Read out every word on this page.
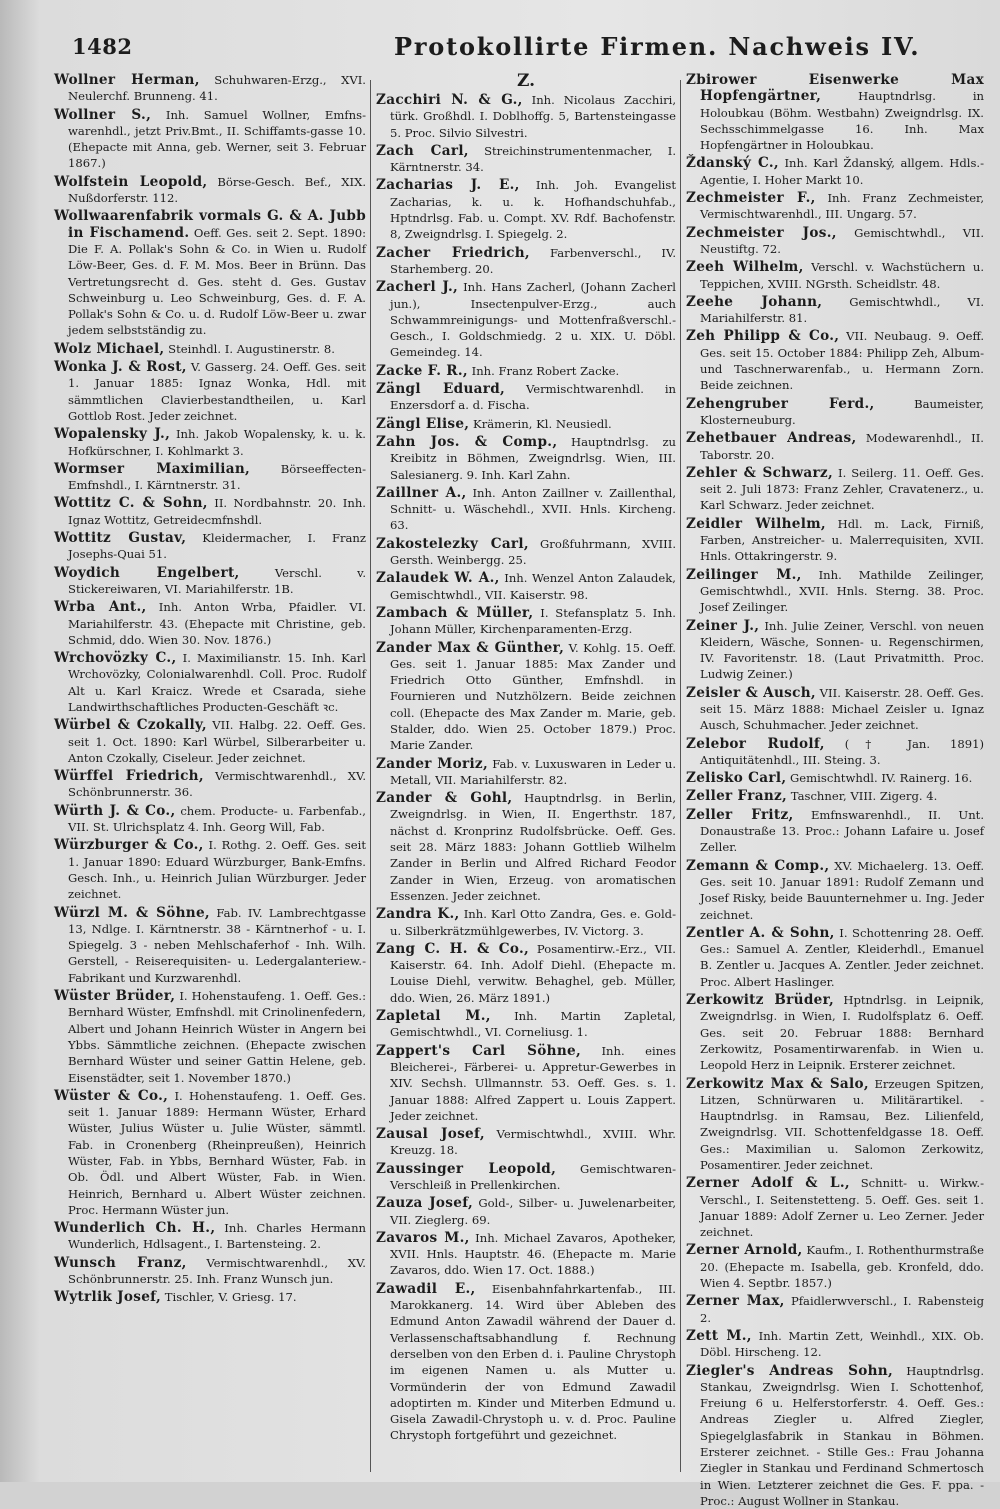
1482	Protokollirte Firmen. Nachweis IV.
Wollner Herman, Schuhwaren-Erzg., XVI. Neulerchf. Brunneng. 41.
Wollner S., Inh. Samuel Wollner, Emfns-warenhdl., jetzt Priv.Bmt., II. Schiffamts-gasse 10. (Ehepacte mit Anna, geb. Werner, seit 3. Februar 1867.)
Wolfstein Leopold, Börse-Gesch. Bef., XIX. Nußdorferstr. 112.
Wollwaarenfabrik vormals G. & A. Jubb in Fischamend. Oeff. Ges. seit 2. Sept. 1890: Die F. A. Pollak's Sohn & Co. in Wien u. Rudolf Löw-Beer, Ges. d. F. M. Mos. Beer in Brünn. Das Vertretungsrecht d. Ges. steht d. Ges. Gustav Schweinburg u. Leo Schweinburg, Ges. d. F. A. Pollak's Sohn & Co. u. d. Rudolf Löw-Beer u. zwar jedem selbstständig zu.
Wolz Michael, Steinhdl. I. Augustinerstr. 8.
Wonka J. & Rost, V. Gasserg. 24. Oeff. Ges. seit 1. Januar 1885: Ignaz Wonka, Hdl. mit sämmtlichen Clavierbestandtheilen, u. Karl Gottlob Rost. Jeder zeichnet.
Wopalensky J., Inh. Jakob Wopalensky, k. u. k. Hofkürschner, I. Kohlmarkt 3.
Wormser Maximilian,	Börseeffecten-Emfnshdl., I. Kärntnerstr. 31.
Wottitz C. & Sohn, II. Nordbahnstr. 20. Inh. Ignaz Wottitz, Getreidecmfnshdl.
Wottitz Gustav, Kleidermacher, I. Franz Josephs-Quai 51.
Woydich Engelbert,	Verschl. v. Stickereiwaren, VI. Mariahilferstr. 1B.
Wrba Ant., Inh. Anton Wrba, Pfaidler. VI. Mariahilferstr. 43. (Ehepacte mit Christine, geb. Schmid, ddo. Wien 30. Nov. 1876.)
Wrchovözky C., I. Maximilianstr. 15. Inh. Karl Wrchovözky, Colonialwarenhdl. Coll. Proc. Rudolf Alt u. Karl Kraicz. Wrede et Csarada, siehe Landwirthschaftliches Producten-Geschäft ꝛc.
Würbel & Czokally, VII. Halbg. 22. Oeff. Ges. seit 1. Oct. 1890: Karl Würbel, Silberarbeiter u. Anton Czokally, Ciseleur. Jeder zeichnet.
Würffel Friedrich, Vermischtwarenhdl., XV. Schönbrunnerstr. 36.
Würth J. & Co., chem. Producte- u. Farbenfab., VII. St. Ulrichsplatz 4. Inh. Georg Will, Fab.
Würzburger & Co., I. Rothg. 2. Oeff. Ges. seit 1. Januar 1890: Eduard Würzburger, Bank-Emfns. Gesch. Inh., u. Heinrich Julian Würzburger. Jeder zeichnet.
Würzl M. & Söhne, Fab. IV. Lambrechtgasse 13, Ndlge. I. Kärntnerstr. 38 - Kärntnerhof - u. I. Spiegelg. 3 - neben Mehlschaferhof - Inh. Wilh. Gerstell, - Reiserequisiten- u. Ledergalanteriew.-Fabrikant und Kurzwarenhdl.
Wüster Brüder, I. Hohenstaufeng. 1. Oeff. Ges.: Bernhard Wüster, Emfnshdl. mit Crinolinenfedern, Albert und Johann Heinrich Wüster in Angern bei Ybbs. Sämmtliche zeichnen. (Ehepacte zwischen Bernhard Wüster und seiner Gattin Helene, geb. Eisenstädter, seit 1. November 1870.)
Wüster & Co., I. Hohenstaufeng. 1. Oeff. Ges. seit 1. Januar 1889: Hermann Wüster, Erhard Wüster, Julius Wüster u. Julie Wüster, sämmtl. Fab. in Cronenberg (Rheinpreußen), Heinrich Wüster, Fab. in Ybbs, Bernhard Wüster, Fab. in Ob. Ödl. und Albert Wüster, Fab. in Wien. Heinrich, Bernhard u. Albert Wüster zeichnen. Proc. Hermann Wüster jun.
Wunderlich Ch. H., Inh. Charles Hermann Wunderlich, Hdlsagent., I. Bartensteing. 2.
Wunsch Franz, Vermischtwarenhdl., XV. Schönbrunnerstr. 25. Inh. Franz Wunsch jun.
Wytrlik Josef, Tischler, V. Griesg. 17.
Z.
Zacchiri N. & G., Inh. Nicolaus Zacchiri, türk. Großhdl. I. Doblhoffg. 5, Bartensteingasse 5. Proc. Silvio Silvestri.
Zach Carl, Streichinstrumentenmacher, I. Kärntnerstr. 34.
Zacharias J. E., Inh. Joh. Evangelist Zacharias, k. u. k. Hofhandschuhfab., Hptndrlsg. Fab. u. Compt. XV. Rdf. Bachofenstr. 8, Zweigndrlsg. I. Spiegelg. 2.
Zacher Friedrich, Farbenverschl., IV. Starhemberg. 20.
Zacherl J., Inh. Hans Zacherl, (Johann Zacherl jun.), Insectenpulver-Erzg., auch Schwammreinigungs- und Mottenfraßverschl.-Gesch., I. Goldschmiedg. 2 u. XIX. U. Döbl. Gemeindeg. 14.
Zacke F. R., Inh. Franz Robert Zacke.
Zängl Eduard, Vermischtwarenhdl. in Enzersdorf a. d. Fischa.
Zängl Elise, Krämerin, Kl. Neusiedl.
Zahn Jos. & Comp., Hauptndrlsg. zu Kreibitz in Böhmen, Zweigndrlsg. Wien, III. Salesianerg. 9. Inh. Karl Zahn.
Zaillner A., Inh. Anton Zaillner v. Zaillenthal, Schnitt- u. Wäschehdl., XVII. Hnls. Kircheng. 63.
Zakostelezky Carl, Großfuhrmann, XVIII. Gersth. Weinbergg. 25.
Zalaudek W. A., Inh. Wenzel Anton Zalaudek, Gemischtwhdl., VII. Kaiserstr. 98.
Zambach & Müller, I. Stefansplatz 5. Inh. Johann Müller, Kirchenparamenten-Erzg.
Zander Max & Günther, V. Kohlg. 15. Oeff. Ges. seit 1. Januar 1885: Max Zander und Friedrich Otto Günther, Emfnshdl. in Fournieren und Nutzhölzern. Beide zeichnen coll. (Ehepacte des Max Zander m. Marie, geb. Stalder, ddo. Wien 25. October 1879.) Proc. Marie Zander.
Zander Moriz, Fab. v. Luxuswaren in Leder u. Metall, VII. Mariahilferstr. 82.
Zander & Gohl, Hauptndrlsg. in Berlin, Zweigndrlsg. in Wien, II. Engerthstr. 187, nächst d. Kronprinz Rudolfsbrücke. Oeff. Ges. seit 28. März 1883: Johann Gottlieb Wilhelm Zander in Berlin und Alfred Richard Feodor Zander in Wien, Erzeug. von aromatischen Essenzen. Jeder zeichnet.
Zandra K., Inh. Karl Otto Zandra, Ges. e. Gold- u. Silberkrätzmühlgewerbes, IV. Victorg. 3.
Zang C. H. & Co., Posamentirw.-Erz., VII. Kaiserstr. 64. Inh. Adolf Diehl. (Ehepacte m. Louise Diehl, verwitw. Behaghel, geb. Müller, ddo. Wien, 26. März 1891.)
Zapletal M., Inh. Martin Zapletal, Gemischtwhdl., VI. Corneliusg. 1.
Zappert's Carl Söhne, Inh. eines Bleicherei-, Färberei- u. Appretur-Gewerbes in XIV. Sechsh. Ullmannstr. 53. Oeff. Ges. s. 1. Januar 1888: Alfred Zappert u. Louis Zappert. Jeder zeichnet.
Zausal Josef, Vermischtwhdl., XVIII. Whr. Kreuzg. 18.
Zaussinger Leopold, Gemischtwaren-Verschleiß in Prellenkirchen.
Zauza Josef, Gold-, Silber- u. Juwelenarbeiter, VII. Zieglerg. 69.
Zavaros M., Inh. Michael Zavaros, Apotheker, XVII. Hnls. Hauptstr. 46. (Ehepacte m. Marie Zavaros, ddo. Wien 17. Oct. 1888.)
Zawadil E., Eisenbahnfahrkartenfab., III. Marokkanerg. 14. Wird über Ableben des Edmund Anton Zawadil während der Dauer d. Verlassenschaftsabhandlung f. Rechnung derselben von den Erben d. i. Pauline Chrystoph im eigenen Namen u. als Mutter u. Vormünderin der von Edmund Zawadil adoptirten m. Kinder und Miterben Edmund u. Gisela Zawadil-Chrystoph u. v. d. Proc. Pauline Chrystoph fortgeführt und gezeichnet.
Zbirower Eisenwerke Max Hopfengärtner,	Hauptndrlsg. in Holoubkau (Böhm. Westbahn) Zweigndrlsg. IX. Sechsschimmelgasse 16. Inh. Max Hopfengärtner in Holoubkau.
Ždanský C., Inh. Karl Ždanský, allgem. Hdls.-Agentie, I. Hoher Markt 10.
Zechmeister F., Inh. Franz Zechmeister, Vermischtwarenhdl., III. Ungarg. 57.
Zechmeister Jos., Gemischtwhdl., VII. Neustiftg. 72.
Zeeh Wilhelm, Verschl. v. Wachstüchern u. Teppichen, XVIII. NGrsth. Scheidlstr. 48.
Zeehe Johann, Gemischtwhdl., VI. Mariahilferstr. 81.
Zeh Philipp & Co., VII. Neubaug. 9. Oeff. Ges. seit 15. October 1884: Philipp Zeh, Album- und Taschnerwarenfab., u. Hermann Zorn. Beide zeichnen.
Zehengruber Ferd.,	Baumeister, Klosterneuburg.
Zehetbauer Andreas, Modewarenhdl., II. Taborstr. 20.
Zehler & Schwarz, I. Seilerg. 11. Oeff. Ges. seit 2. Juli 1873: Franz Zehler, Cravatenerz., u. Karl Schwarz. Jeder zeichnet.
Zeidler Wilhelm, Hdl. m. Lack, Firniß, Farben, Anstreicher- u. Malerrequisiten, XVII. Hnls. Ottakringerstr. 9.
Zeilinger M., Inh. Mathilde Zeilinger, Gemischtwhdl., XVII. Hnls. Sterng. 38. Proc. Josef Zeilinger.
Zeiner J., Inh. Julie Zeiner, Verschl. von neuen Kleidern, Wäsche, Sonnen- u. Regenschirmen, IV. Favoritenstr. 18. (Laut Privatmitth. Proc. Ludwig Zeiner.)
Zeisler & Ausch, VII. Kaiserstr. 28. Oeff. Ges. seit 15. März 1888: Michael Zeisler u. Ignaz Ausch, Schuhmacher. Jeder zeichnet.
Zelebor Rudolf, († Jan. 1891) Antiquitätenhdl., III. Steing. 3.
Zelisko Carl, Gemischtwhdl. IV. Rainerg. 16.
Zeller Franz, Taschner, VIII. Zigerg. 4.
Zeller Fritz, Emfnswarenhdl., II. Unt. Donaustraße 13. Proc.: Johann Lafaire u. Josef Zeller.
Zemann & Comp., XV. Michaelerg. 13. Oeff. Ges. seit 10. Januar 1891: Rudolf Zemann und Josef Risky, beide Bauunternehmer u. Ing. Jeder zeichnet.
Zentler A. & Sohn, I. Schottenring 28. Oeff. Ges.: Samuel A. Zentler, Kleiderhdl., Emanuel B. Zentler u. Jacques A. Zentler. Jeder zeichnet. Proc. Albert Haslinger.
Zerkowitz Brüder, Hptndrlsg. in Leipnik, Zweigndrlsg. in Wien, I. Rudolfsplatz 6. Oeff. Ges. seit 20. Februar 1888: Bernhard Zerkowitz, Posamentirwarenfab. in Wien u. Leopold Herz in Leipnik. Ersterer zeichnet.
Zerkowitz Max & Salo, Erzeugen Spitzen, Litzen, Schnürwaren u. Militärartikel. - Hauptndrlsg. in Ramsau, Bez. Lilienfeld, Zweigndrlsg. VII. Schottenfeldgasse 18. Oeff. Ges.: Maximilian u. Salomon Zerkowitz, Posamentirer. Jeder zeichnet.
Zerner Adolf & L., Schnitt- u. Wirkw.-Verschl., I. Seitenstetteng. 5. Oeff. Ges. seit 1. Januar 1889: Adolf Zerner u. Leo Zerner. Jeder zeichnet.
Zerner Arnold, Kaufm., I. Rothenthurmstraße 20. (Ehepacte m. Isabella, geb. Kronfeld, ddo. Wien 4. Septbr. 1857.)
Zerner Max, Pfaidlerwverschl., I. Rabensteig 2.
Zett M., Inh. Martin Zett, Weinhdl., XIX. Ob. Döbl. Hirscheng. 12.
Ziegler's Andreas Sohn, Hauptndrlsg. Stankau, Zweigndrlsg. Wien I. Schottenhof, Freiung 6 u. Helferstorferstr. 4. Oeff. Ges.: Andreas Ziegler u. Alfred Ziegler, Spiegelglasfabrik in Stankau in Böhmen. Ersterer zeichnet. - Stille Ges.: Frau Johanna Ziegler in Stankau und Ferdinand Schmertosch in Wien. Letzterer zeichnet die Ges. F. ppa. - Proc.: August Wollner in Stankau.
